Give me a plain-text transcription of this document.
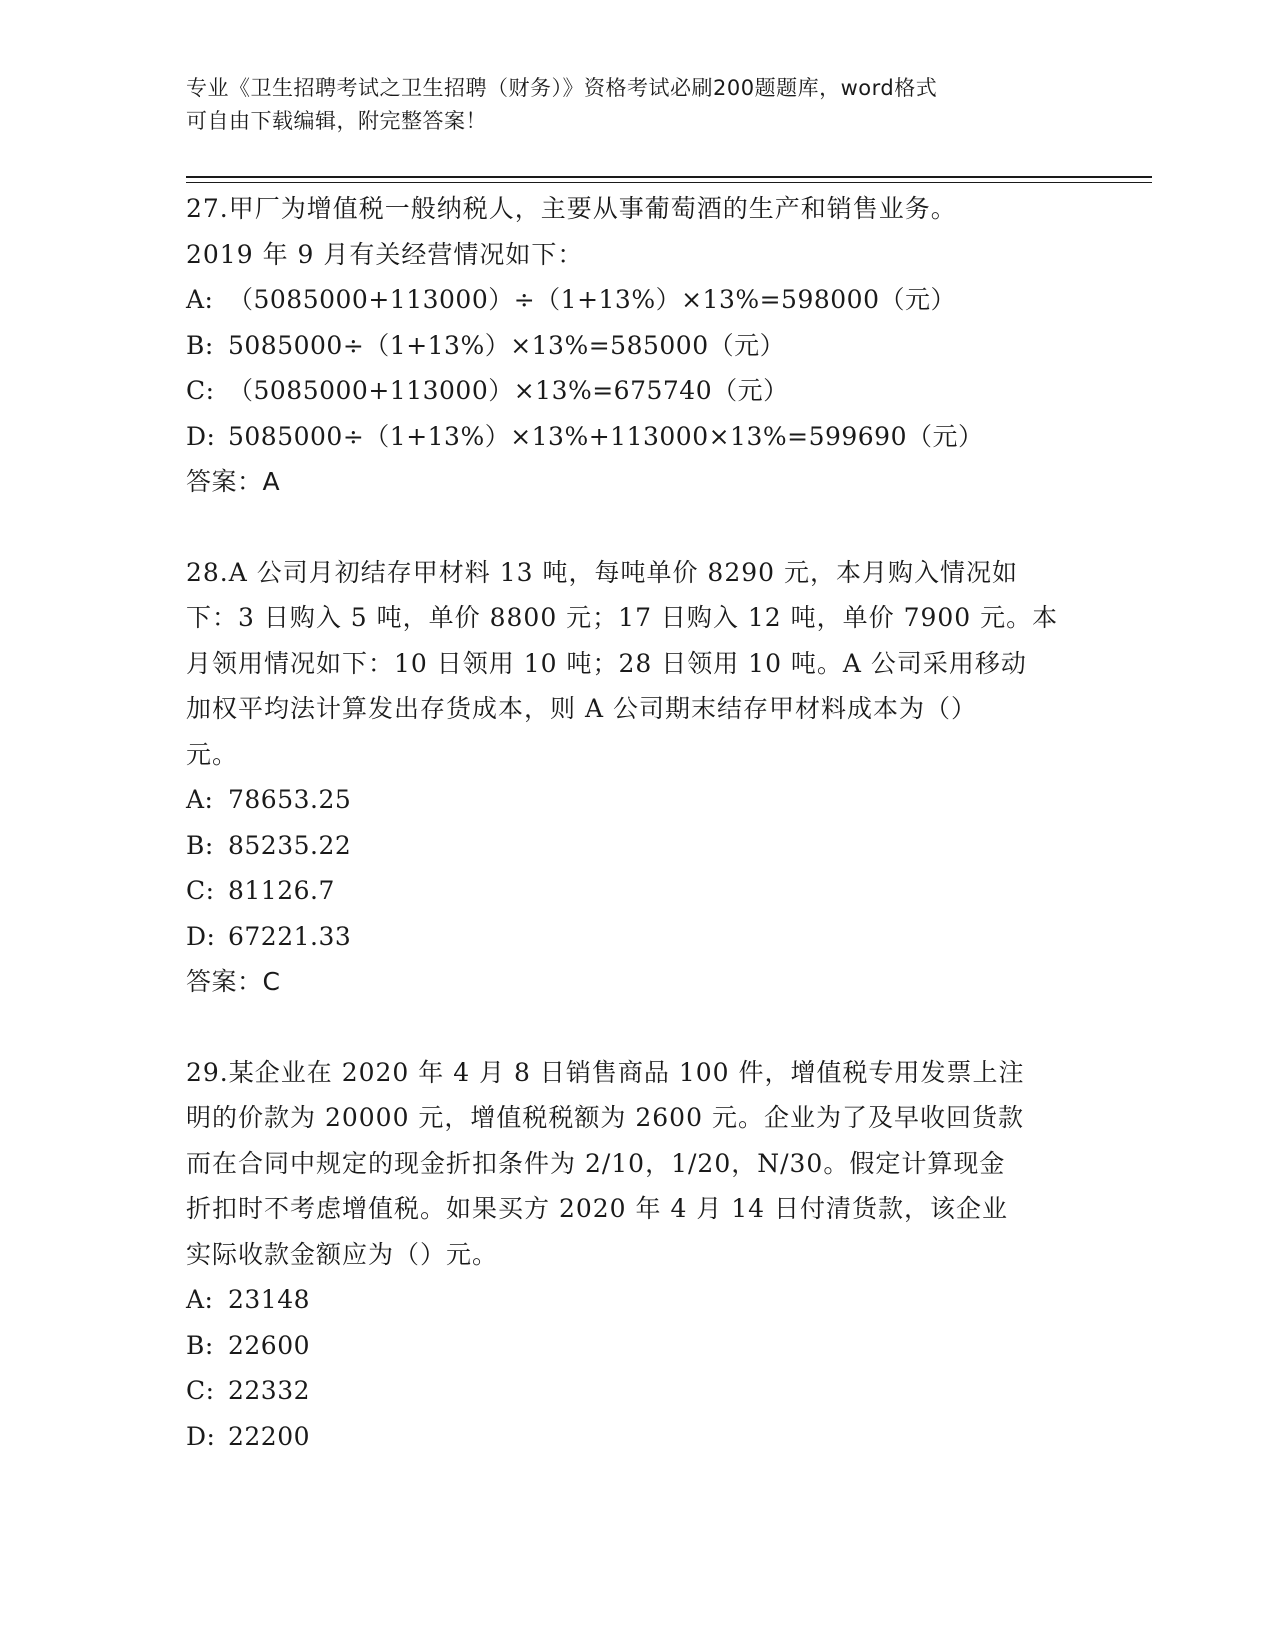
专业《卫生招聘考试之卫生招聘（财务）》资格考试必刷200题题库，word格式
可自由下载编辑，附完整答案！
27.甲厂为增值税一般纳税人，主要从事葡萄酒的生产和销售业务。
2019 年 9 月有关经营情况如下：
A: （5085000+113000）÷（1+13%）×13%=598000（元）
B: 5085000÷（1+13%）×13%=585000（元）
C: （5085000+113000）×13%=675740（元）
D: 5085000÷（1+13%）×13%+113000×13%=599690（元）
答案：A
28.A 公司月初结存甲材料 13 吨，每吨单价 8290 元，本月购入情况如
下：3 日购入 5 吨，单价 8800 元；17 日购入 12 吨，单价 7900 元。本
月领用情况如下：10 日领用 10 吨；28 日领用 10 吨。A 公司采用移动
加权平均法计算发出存货成本，则 A 公司期末结存甲材料成本为（）
元。
A: 78653.25
B: 85235.22
C: 81126.7
D: 67221.33
答案：C
29.某企业在 2020 年 4 月 8 日销售商品 100 件，增值税专用发票上注
明的价款为 20000 元，增值税税额为 2600 元。企业为了及早收回货款
而在合同中规定的现金折扣条件为 2/10，1/20，N/30。假定计算现金
折扣时不考虑增值税。如果买方 2020 年 4 月 14 日付清货款，该企业
实际收款金额应为（）元。
A: 23148
B: 22600
C: 22332
D: 22200
